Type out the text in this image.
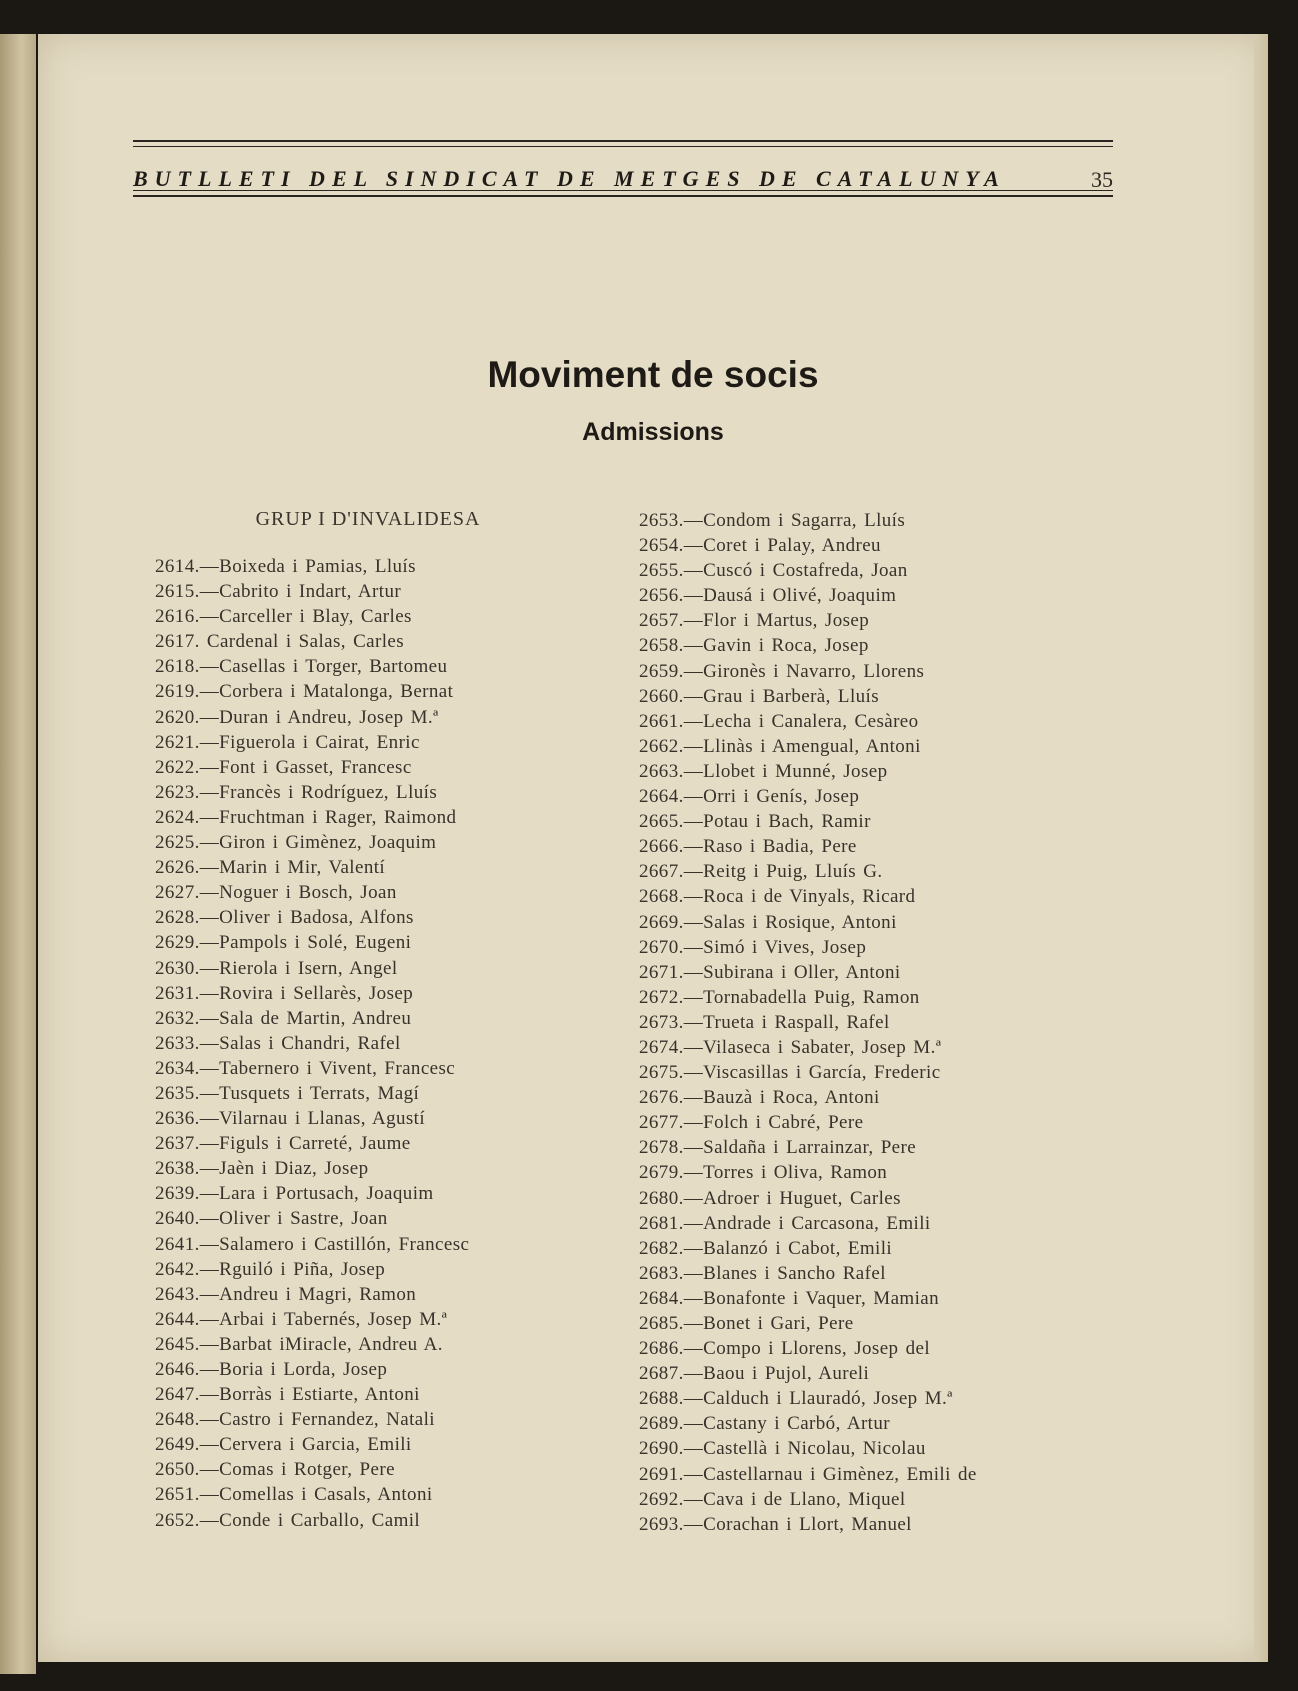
BUTLLETI DEL SINDICAT DE METGES DE CATALUNYA	35
Moviment de socis
Admissions
GRUP I D'INVALIDESA
2614.—Boixeda i Pamias, Lluís
2615.—Cabrito i Indart, Artur
2616.—Carceller i Blay, Carles
2617. Cardenal i Salas, Carles
2618.—Casellas i Torger, Bartomeu
2619.—Corbera i Matalonga, Bernat
2620.—Duran i Andreu, Josep M.ª
2621.—Figuerola i Cairat, Enric
2622.—Font i Gasset, Francesc
2623.—Francès i Rodríguez, Lluís
2624.—Fruchtman i Rager, Raimond
2625.—Giron i Gimènez, Joaquim
2626.—Marin i Mir, Valentí
2627.—Noguer i Bosch, Joan
2628.—Oliver i Badosa, Alfons
2629.—Pampols i Solé, Eugeni
2630.—Rierola i Isern, Angel
2631.—Rovira i Sellarès, Josep
2632.—Sala de Martin, Andreu
2633.—Salas i Chandri, Rafel
2634.—Tabernero i Vivent, Francesc
2635.—Tusquets i Terrats, Magí
2636.—Vilarnau i Llanas, Agustí
2637.—Figuls i Carreté, Jaume
2638.—Jaèn i Diaz, Josep
2639.—Lara i Portusach, Joaquim
2640.—Oliver i Sastre, Joan
2641.—Salamero i Castillón, Francesc
2642.—Rguiló i Piña, Josep
2643.—Andreu i Magri, Ramon
2644.—Arbai i Tabernés, Josep M.ª
2645.—Barbat iMiracle, Andreu A.
2646.—Boria i Lorda, Josep
2647.—Borràs i Estiarte, Antoni
2648.—Castro i Fernandez, Natali
2649.—Cervera i Garcia, Emili
2650.—Comas i Rotger, Pere
2651.—Comellas i Casals, Antoni
2652.—Conde i Carballo, Camil
2653.—Condom i Sagarra, Lluís
2654.—Coret i Palay, Andreu
2655.—Cuscó i Costafreda, Joan
2656.—Dausá i Olivé, Joaquim
2657.—Flor i Martus, Josep
2658.—Gavin i Roca, Josep
2659.—Gironès i Navarro, Llorens
2660.—Grau i Barberà, Lluís
2661.—Lecha i Canalera, Cesàreo
2662.—Llinàs i Amengual, Antoni
2663.—Llobet i Munné, Josep
2664.—Orri i Genís, Josep
2665.—Potau i Bach, Ramir
2666.—Raso i Badia, Pere
2667.—Reitg i Puig, Lluís G.
2668.—Roca i de Vinyals, Ricard
2669.—Salas i Rosique, Antoni
2670.—Simó i Vives, Josep
2671.—Subirana i Oller, Antoni
2672.—Tornabadella Puig, Ramon
2673.—Trueta i Raspall, Rafel
2674.—Vilaseca i Sabater, Josep M.ª
2675.—Viscasillas i García, Frederic
2676.—Bauzà i Roca, Antoni
2677.—Folch i Cabré, Pere
2678.—Saldaña i Larrainzar, Pere
2679.—Torres i Oliva, Ramon
2680.—Adroer i Huguet, Carles
2681.—Andrade i Carcasona, Emili
2682.—Balanzó i Cabot, Emili
2683.—Blanes i Sancho Rafel
2684.—Bonafonte i Vaquer, Mamian
2685.—Bonet i Gari, Pere
2686.—Compo i Llorens, Josep del
2687.—Baou i Pujol, Aureli
2688.—Calduch i Llauradó, Josep M.ª
2689.—Castany i Carbó, Artur
2690.—Castellà i Nicolau, Nicolau
2691.—Castellarnau i Gimènez, Emili de
2692.—Cava i de Llano, Miquel
2693.—Corachan i Llort, Manuel
